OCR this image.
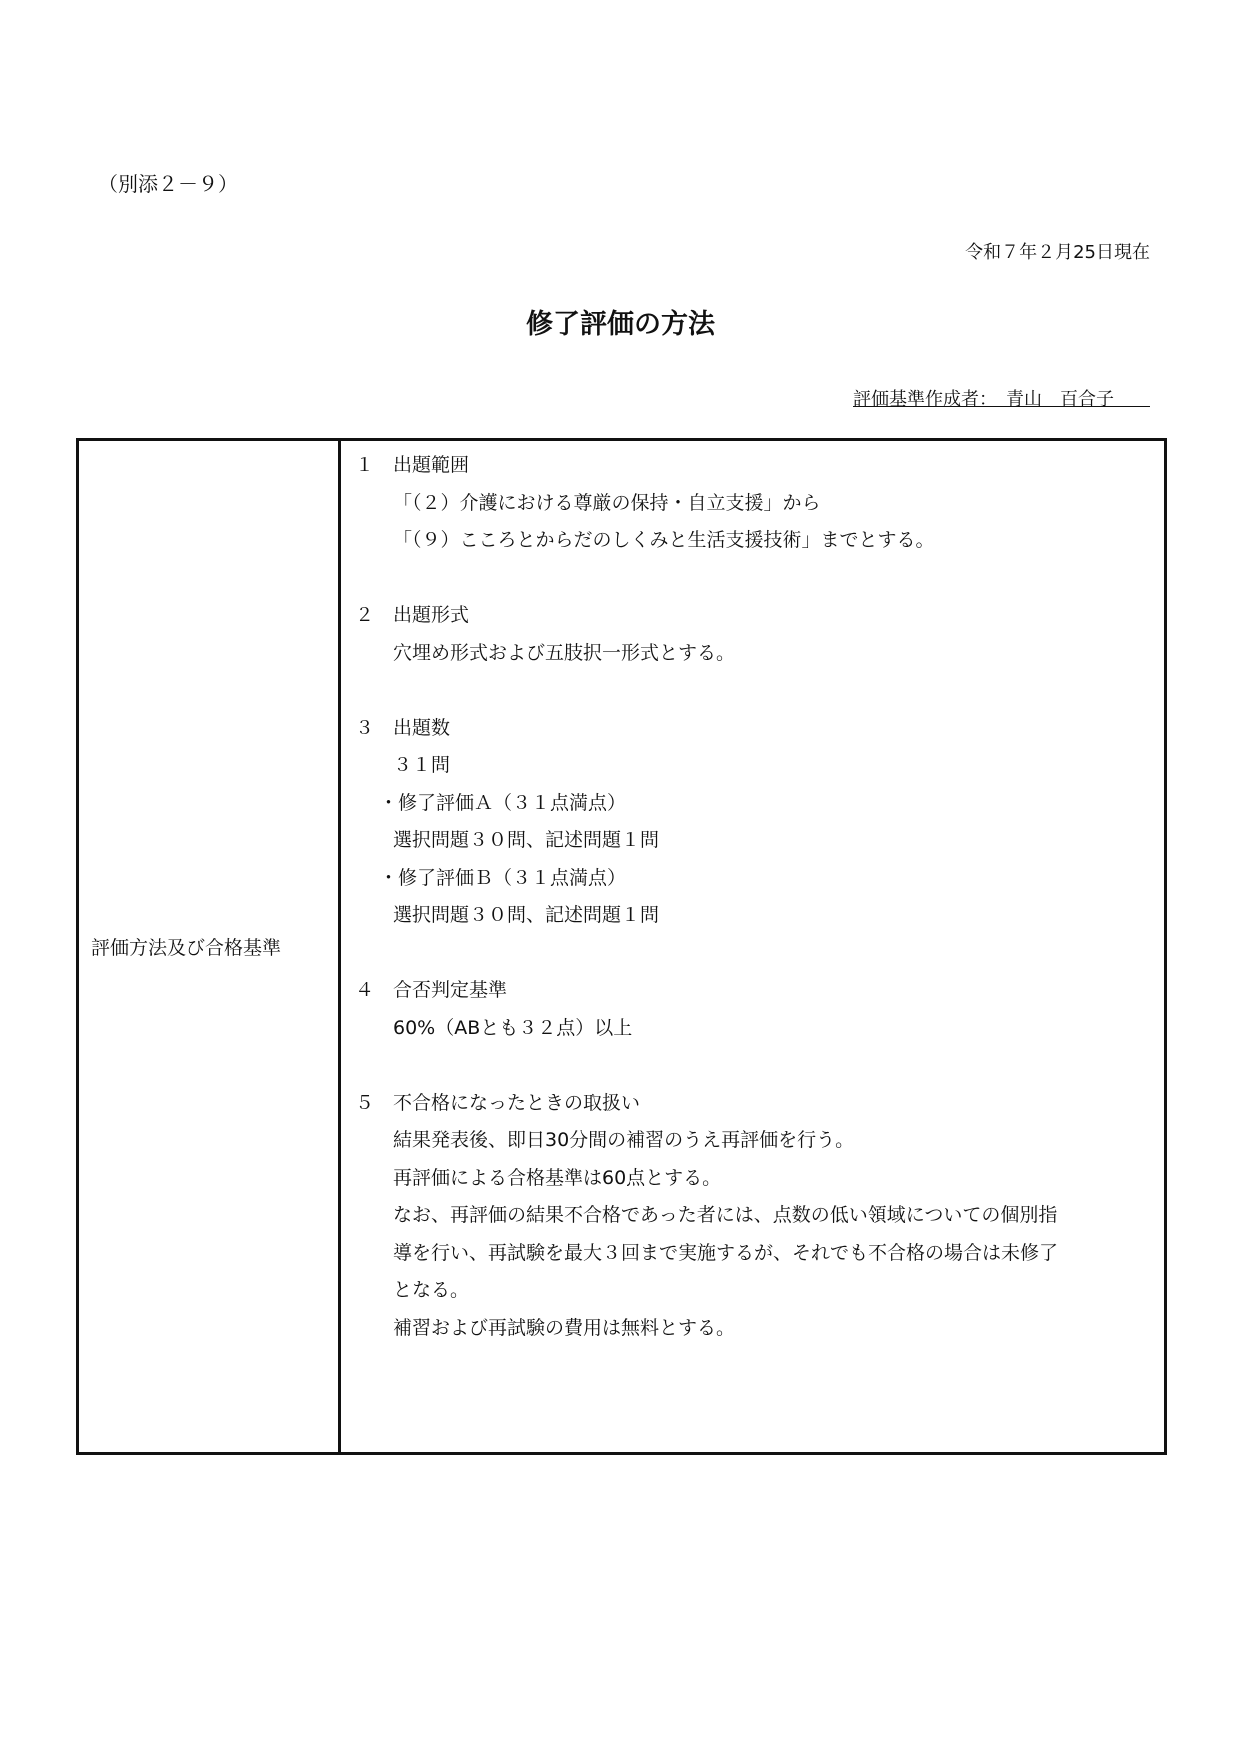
（別添２－９）
令和７年２月25日現在
修了評価の方法
評価基準作成者：　青山　百合子　　
評価方法及び合格基準
１ 出題範囲
「（２）介護における尊厳の保持・自立支援」から
「（９）こころとからだのしくみと生活支援技術」までとする。
２ 出題形式
穴埋め形式および五肢択一形式とする。
３ 出題数
３１問
・修了評価Ａ（３１点満点）
選択問題３０問、記述問題１問
・修了評価Ｂ（３１点満点）
選択問題３０問、記述問題１問
４ 合否判定基準
60%（ABとも３２点）以上
５ 不合格になったときの取扱い
結果発表後、即日30分間の補習のうえ再評価を行う。
再評価による合格基準は60点とする。
なお、再評価の結果不合格であった者には、点数の低い領域についての個別指
導を行い、再試験を最大３回まで実施するが、それでも不合格の場合は未修了
となる。
補習および再試験の費用は無料とする。
